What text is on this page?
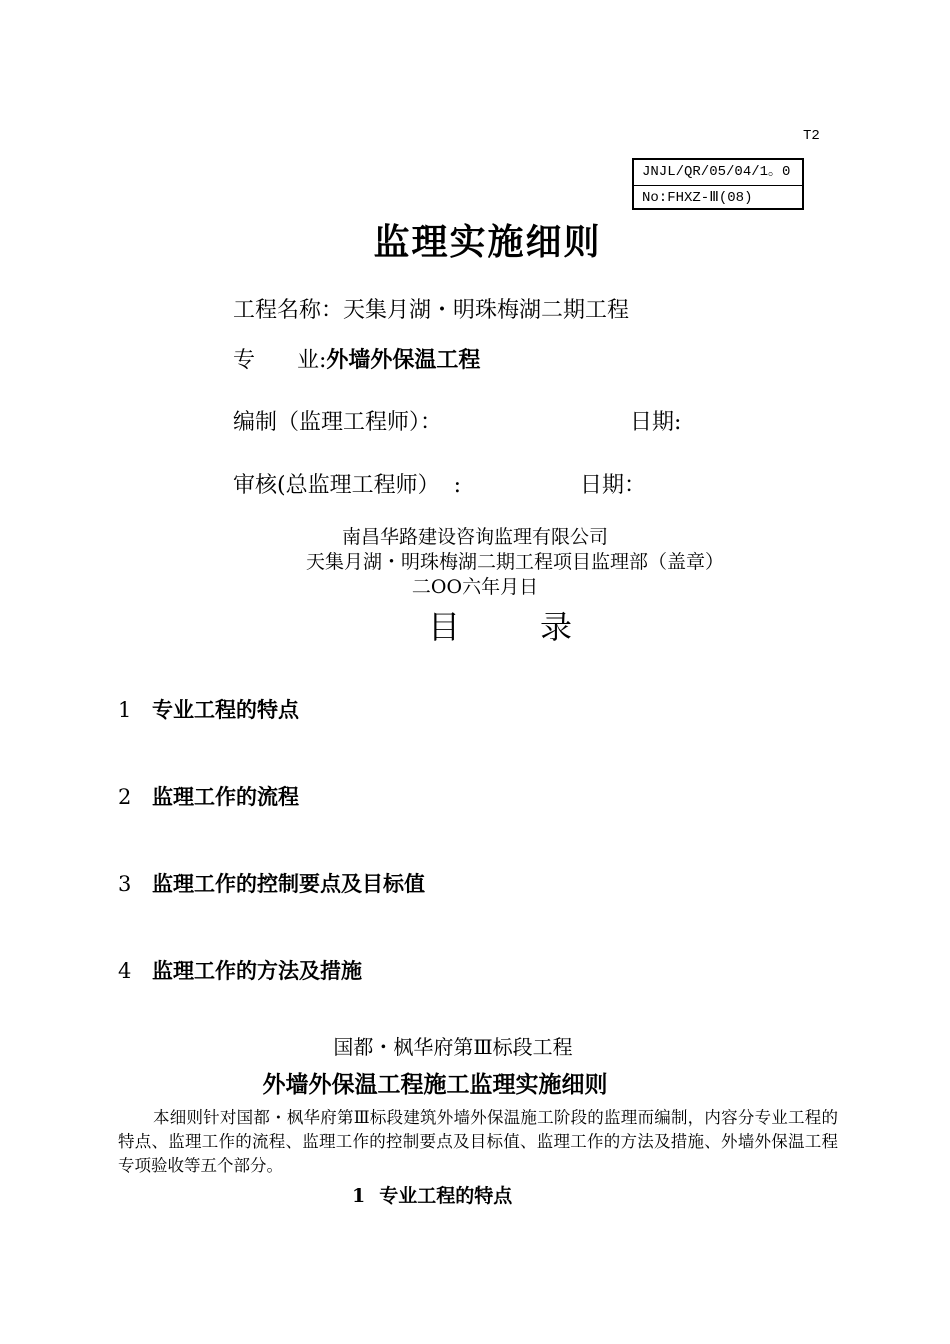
T2
JNJL/QR/05/04/1。0
No:FHXZ-Ⅲ(08)
监理实施细则
工程名称：天集月湖・明珠梅湖二期工程
专      业:外墙外保温工程
编制（监理工程师）：	日期:
审核(总监理工程师）  :	日期：
南昌华路建设咨询监理有限公司
天集月湖・明珠梅湖二期工程项目监理部（盖章）
二OO六年月日
目	录
1 专业工程的特点
2 监理工作的流程
3 监理工作的控制要点及目标值
4 监理工作的方法及措施
国都・枫华府第Ⅲ标段工程
外墙外保温工程施工监理实施细则
本细则针对国都・枫华府第Ⅲ标段建筑外墙外保温施工阶段的监理而编制，内容分专业工程的特点、监理工作的流程、监理工作的控制要点及目标值、监理工作的方法及措施、外墙外保温工程专项验收等五个部分。
1 专业工程的特点
